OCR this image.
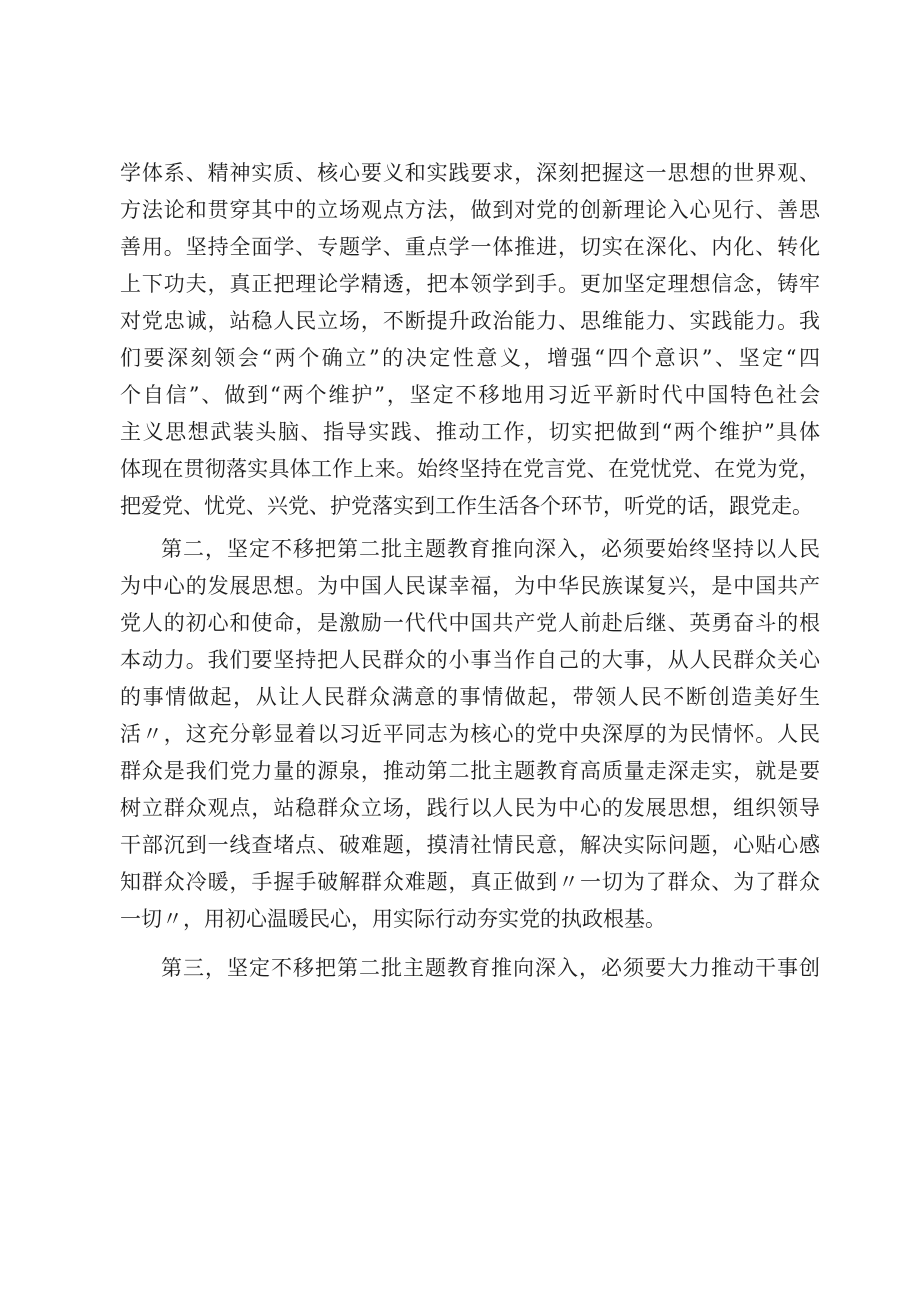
学体系、精神实质、核心要义和实践要求，深刻把握这一思想的世界观、
方法论和贯穿其中的立场观点方法，做到对党的创新理论入心见行、善思
善用。坚持全面学、专题学、重点学一体推进，切实在深化、内化、转化
上下功夫，真正把理论学精透，把本领学到手。更加坚定理想信念，铸牢
对党忠诚，站稳人民立场，不断提升政治能力、思维能力、实践能力。我
们要深刻领会“两个确立”的决定性意义，增强“四个意识”、坚定“四
个自信”、做到“两个维护”，坚定不移地用习近平新时代中国特色社会
主义思想武装头脑、指导实践、推动工作，切实把做到“两个维护”具体
体现在贯彻落实具体工作上来。始终坚持在党言党、在党忧党、在党为党，
把爱党、忧党、兴党、护党落实到工作生活各个环节，听党的话，跟党走。
第二，坚定不移把第二批主题教育推向深入，必须要始终坚持以人民
为中心的发展思想。为中国人民谋幸福，为中华民族谋复兴，是中国共产
党人的初心和使命，是激励一代代中国共产党人前赴后继、英勇奋斗的根
本动力。我们要坚持把人民群众的小事当作自己的大事，从人民群众关心
的事情做起，从让人民群众满意的事情做起，带领人民不断创造美好生
活〃，这充分彰显着以习近平同志为核心的党中央深厚的为民情怀。人民
群众是我们党力量的源泉，推动第二批主题教育高质量走深走实，就是要
树立群众观点，站稳群众立场，践行以人民为中心的发展思想，组织领导
干部沉到一线查堵点、破难题，摸清社情民意，解决实际问题，心贴心感
知群众冷暖，手握手破解群众难题，真正做到〃一切为了群众、为了群众
一切〃，用初心温暖民心，用实际行动夯实党的执政根基。
第三，坚定不移把第二批主题教育推向深入，必须要大力推动干事创
